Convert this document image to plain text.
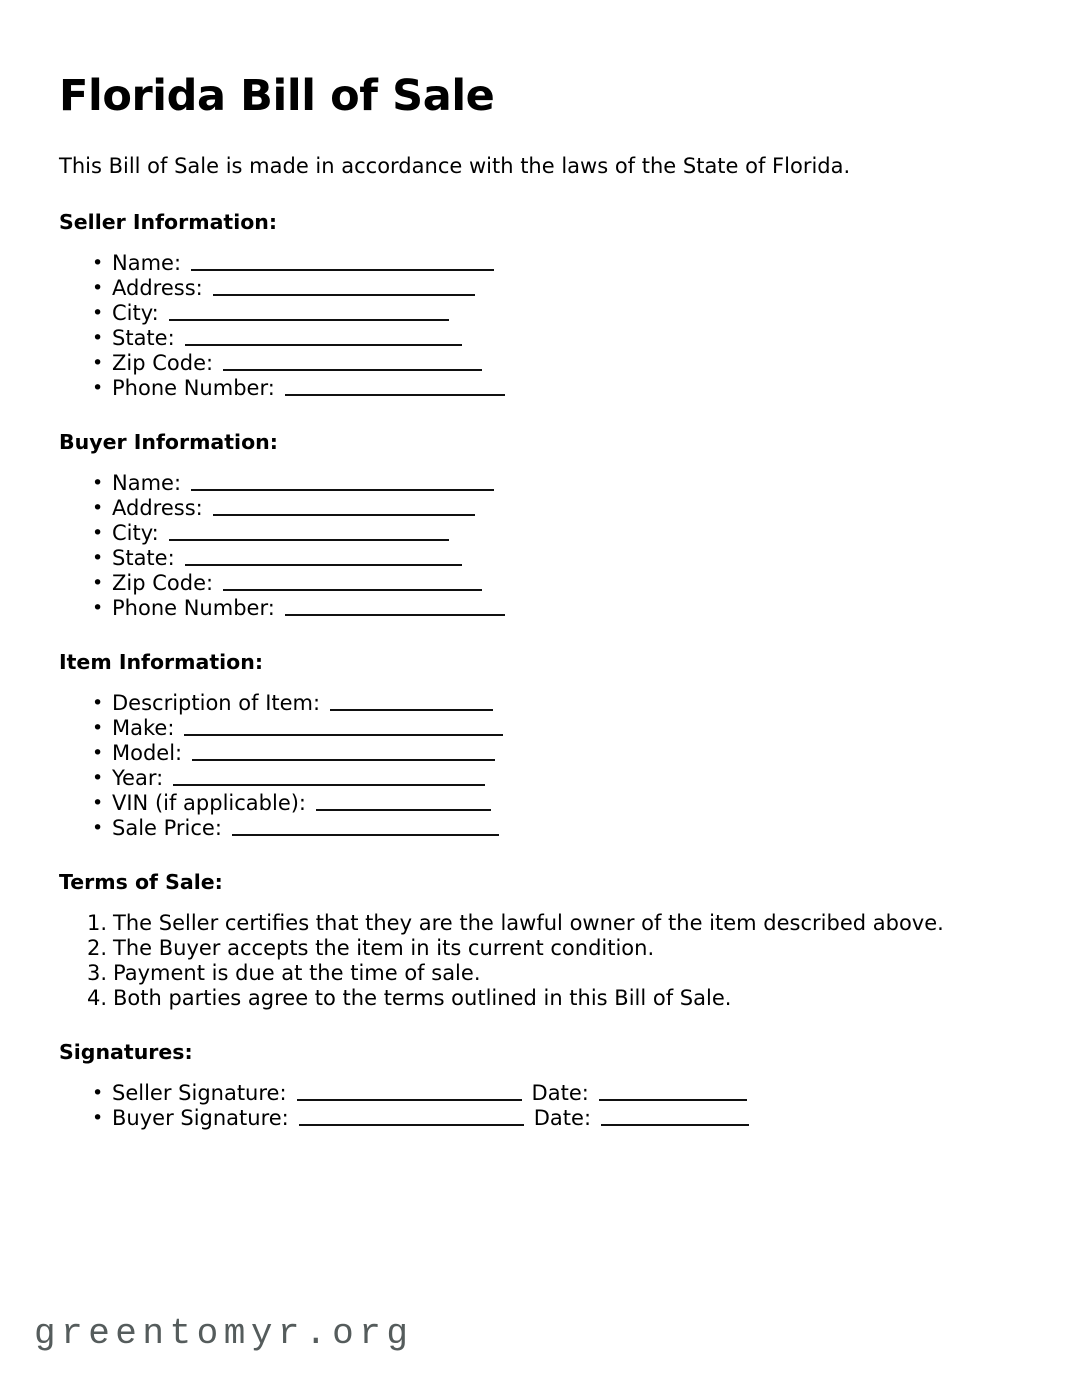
Florida Bill of Sale

This Bill of Sale is made in accordance with the laws of the State of Florida.

Seller Information:
• Name:
• Address:
• City:
• State:
• Zip Code:
• Phone Number:
Buyer Information:
• Name:
• Address:
• City:
• State:
• Zip Code:
• Phone Number:
Item Information:
• Description of Item:
• Make:
• Model:
• Year:
• VIN (if applicable):
• Sale Price:
Terms of Sale:
1. The Seller certifies that they are the lawful owner of the item described above.
2. The Buyer accepts the item in its current condition.
3. Payment is due at the time of sale.
4. Both parties agree to the terms outlined in this Bill of Sale.
Signatures:
• Seller Signature:	Date:
• Buyer Signature:	Date:
greentomyr.org
